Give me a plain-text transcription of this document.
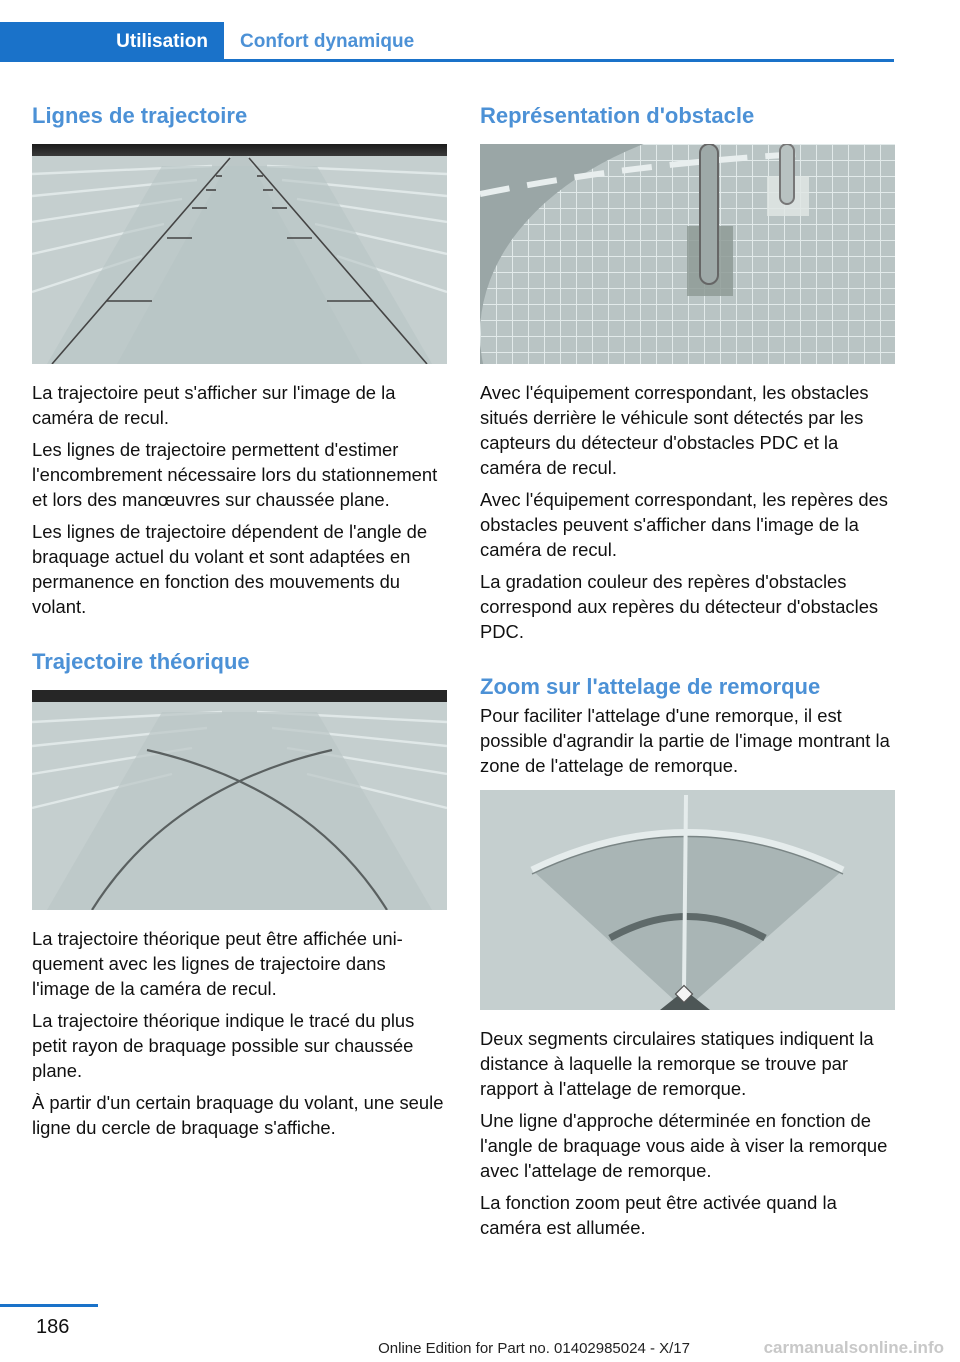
Utilisation	Confort dynamique
Lignes de trajectoire

La trajectoire peut s'afficher sur l'image de la caméra de recul.

Les lignes de trajectoire permettent d'estimer l'encombrement nécessaire lors du stationnement et lors des manœuvres sur chaussée plane.

Les lignes de trajectoire dépendent de l'angle de braquage actuel du volant et sont adaptées en permanence en fonction des mouvements du volant.

Trajectoire théorique

La trajectoire théorique peut être affichée uniquement avec les lignes de trajectoire dans l'image de la caméra de recul.

La trajectoire théorique indique le tracé du plus petit rayon de braquage possible sur chaussée plane.

À partir d'un certain braquage du volant, une seule ligne du cercle de braquage s'affiche.

Représentation d'obstacle

Avec l'équipement correspondant, les obstacles situés derrière le véhicule sont détectés par les capteurs du détecteur d'obstacles PDC et la caméra de recul.

Avec l'équipement correspondant, les repères des obstacles peuvent s'afficher dans l'image de la caméra de recul.

La gradation couleur des repères d'obstacles correspond aux repères du détecteur d'obstacles PDC.

Zoom sur l'attelage de remorque

Pour faciliter l'attelage d'une remorque, il est possible d'agrandir la partie de l'image montrant la zone de l'attelage de remorque.

Deux segments circulaires statiques indiquent la distance à laquelle la remorque se trouve par rapport à l'attelage de remorque.

Une ligne d'approche déterminée en fonction de l'angle de braquage vous aide à viser la remorque avec l'attelage de remorque.

La fonction zoom peut être activée quand la caméra est allumée.

186
Online Edition for Part no. 01402985024 - X/17	carmanualsonline.info
